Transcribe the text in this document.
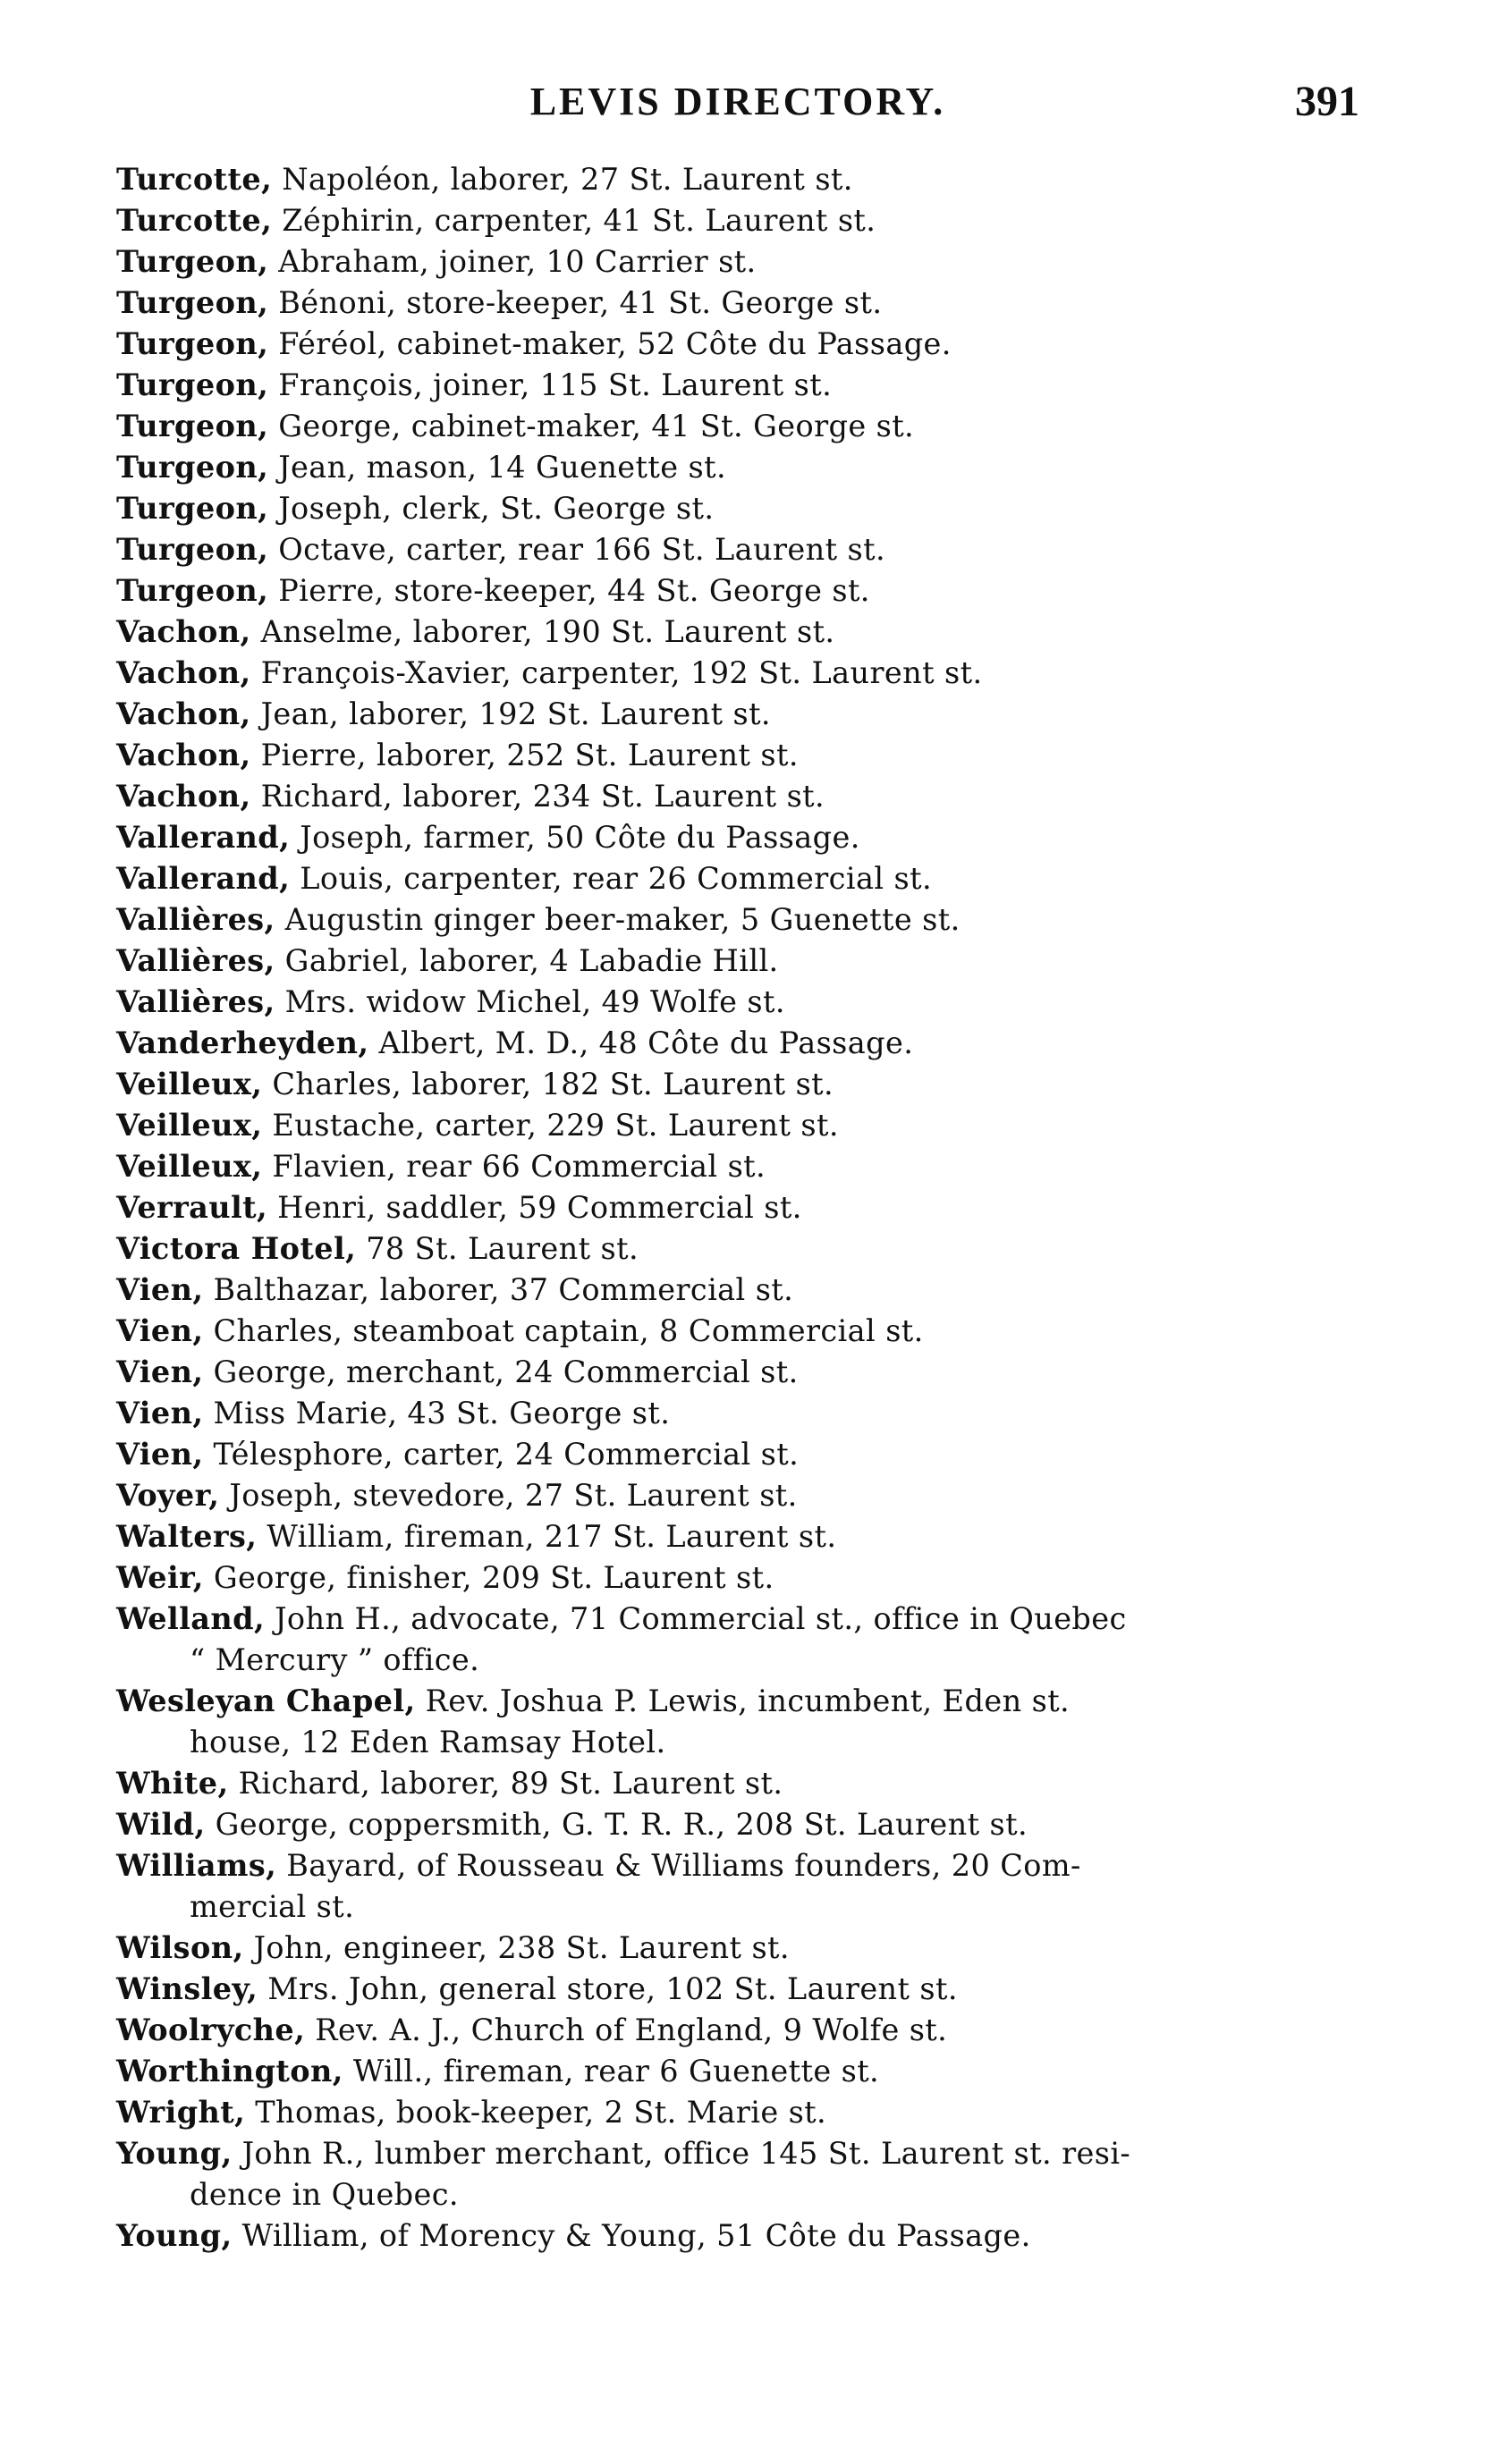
LEVIS DIRECTORY.	391
Turcotte, Napoléon, laborer, 27 St. Laurent st.
Turcotte, Zéphirin, carpenter, 41 St. Laurent st.
Turgeon, Abraham, joiner, 10 Carrier st.
Turgeon, Bénoni, store-keeper, 41 St. George st.
Turgeon, Féréol, cabinet-maker, 52 Côte du Passage.
Turgeon, François, joiner, 115 St. Laurent st.
Turgeon, George, cabinet-maker, 41 St. George st.
Turgeon, Jean, mason, 14 Guenette st.
Turgeon, Joseph, clerk, St. George st.
Turgeon, Octave, carter, rear 166 St. Laurent st.
Turgeon, Pierre, store-keeper, 44 St. George st.
Vachon, Anselme, laborer, 190 St. Laurent st.
Vachon, François-Xavier, carpenter, 192 St. Laurent st.
Vachon, Jean, laborer, 192 St. Laurent st.
Vachon, Pierre, laborer, 252 St. Laurent st.
Vachon, Richard, laborer, 234 St. Laurent st.
Vallerand, Joseph, farmer, 50 Côte du Passage.
Vallerand, Louis, carpenter, rear 26 Commercial st.
Vallières, Augustin ginger beer-maker, 5 Guenette st.
Vallières, Gabriel, laborer, 4 Labadie Hill.
Vallières, Mrs. widow Michel, 49 Wolfe st.
Vanderheyden, Albert, M. D., 48 Côte du Passage.
Veilleux, Charles, laborer, 182 St. Laurent st.
Veilleux, Eustache, carter, 229 St. Laurent st.
Veilleux, Flavien, rear 66 Commercial st.
Verrault, Henri, saddler, 59 Commercial st.
Victora Hotel, 78 St. Laurent st.
Vien, Balthazar, laborer, 37 Commercial st.
Vien, Charles, steamboat captain, 8 Commercial st.
Vien, George, merchant, 24 Commercial st.
Vien, Miss Marie, 43 St. George st.
Vien, Télesphore, carter, 24 Commercial st.
Voyer, Joseph, stevedore, 27 St. Laurent st.
Walters, William, fireman, 217 St. Laurent st.
Weir, George, finisher, 209 St. Laurent st.
Welland, John H., advocate, 71 Commercial st., office in Quebec
“ Mercury ” office.
Wesleyan Chapel, Rev. Joshua P. Lewis, incumbent, Eden st.
house, 12 Eden Ramsay Hotel.
White, Richard, laborer, 89 St. Laurent st.
Wild, George, coppersmith, G. T. R. R., 208 St. Laurent st.
Williams, Bayard, of Rousseau & Williams founders, 20 Com-
mercial st.
Wilson, John, engineer, 238 St. Laurent st.
Winsley, Mrs. John, general store, 102 St. Laurent st.
Woolryche, Rev. A. J., Church of England, 9 Wolfe st.
Worthington, Will., fireman, rear 6 Guenette st.
Wright, Thomas, book-keeper, 2 St. Marie st.
Young, John R., lumber merchant, office 145 St. Laurent st. resi-
dence in Quebec.
Young, William, of Morency & Young, 51 Côte du Passage.
